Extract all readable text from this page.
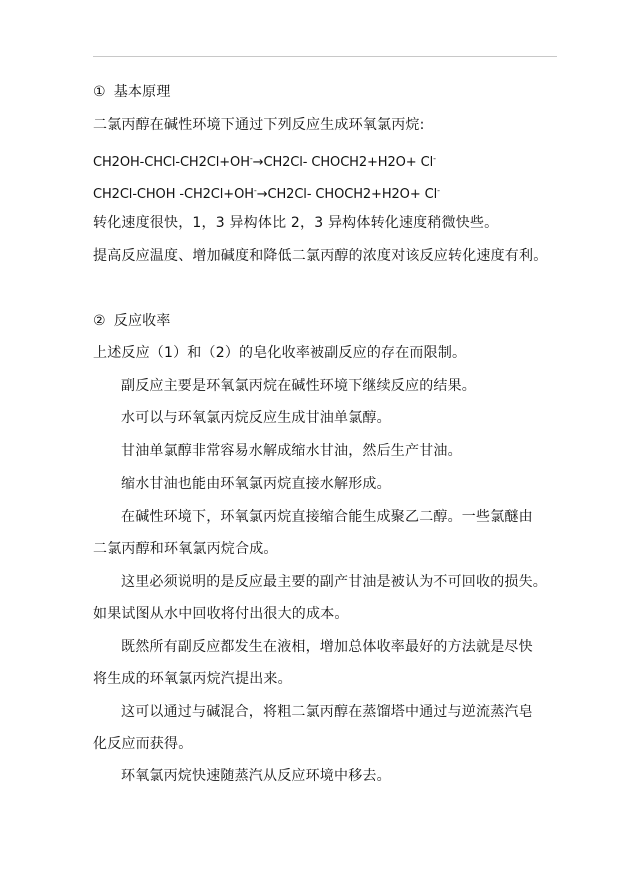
① 基本原理
二氯丙醇在碱性环境下通过下列反应生成环氧氯丙烷:
CH2OH-CHCl-CH2Cl+OH-→CH2Cl- CHOCH2+H2O+ Cl-
CH2Cl-CHOH -CH2Cl+OH-→CH2Cl- CHOCH2+H2O+ Cl-
转化速度很快，1，3 异构体比 2，3 异构体转化速度稍微快些。
提高反应温度、增加碱度和降低二氯丙醇的浓度对该反应转化速度有利。
② 反应收率
上述反应（1）和（2）的皂化收率被副反应的存在而限制。
副反应主要是环氧氯丙烷在碱性环境下继续反应的结果。
水可以与环氧氯丙烷反应生成甘油单氯醇。
甘油单氯醇非常容易水解成缩水甘油，然后生产甘油。
缩水甘油也能由环氧氯丙烷直接水解形成。
在碱性环境下，环氧氯丙烷直接缩合能生成聚乙二醇。一些氯醚由
二氯丙醇和环氧氯丙烷合成。
这里必须说明的是反应最主要的副产甘油是被认为不可回收的损失。
如果试图从水中回收将付出很大的成本。
既然所有副反应都发生在液相，增加总体收率最好的方法就是尽快
将生成的环氧氯丙烷汽提出来。
这可以通过与碱混合，将粗二氯丙醇在蒸馏塔中通过与逆流蒸汽皂
化反应而获得。
环氧氯丙烷快速随蒸汽从反应环境中移去。
